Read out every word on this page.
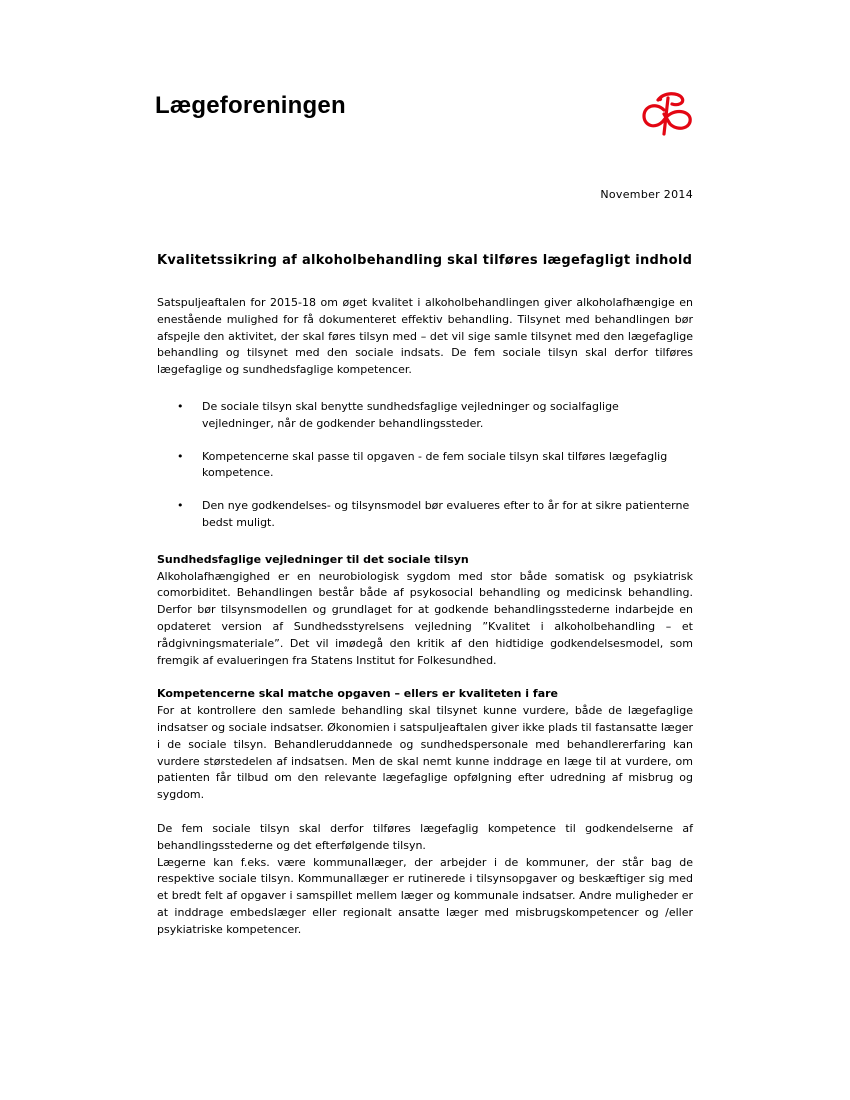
Lægeforeningen
November 2014
Kvalitetssikring af alkoholbehandling skal tilføres lægefagligt indhold

Satspuljeaftalen for 2015-18 om øget kvalitet i alkoholbehandlingen giver alkoholafhængige en enestående mulighed for få dokumenteret effektiv behandling. Tilsynet med behandlingen bør afspejle den aktivitet, der skal føres tilsyn med – det vil sige samle tilsynet med den lægefaglige behandling og tilsynet med den sociale indsats. De fem sociale tilsyn skal derfor tilføres lægefaglige og sundhedsfaglige kompetencer.

• De sociale tilsyn skal benytte sundhedsfaglige vejledninger og socialfaglige vejledninger, når de godkender behandlingssteder.
• Kompetencerne skal passe til opgaven - de fem sociale tilsyn skal tilføres lægefaglig kompetence.
• Den nye godkendelses- og tilsynsmodel bør evalueres efter to år for at sikre patienterne bedst muligt.

Sundhedsfaglige vejledninger til det sociale tilsyn

Alkoholafhængighed er en neurobiologisk sygdom med stor både somatisk og psykiatrisk comorbiditet. Behandlingen består både af psykosocial behandling og medicinsk behandling. Derfor bør tilsynsmodellen og grundlaget for at godkende behandlingsstederne indarbejde en opdateret version af Sundhedsstyrelsens vejledning ”Kvalitet i alkoholbehandling – et rådgivningsmateriale”. Det vil imødegå den kritik af den hidtidige godkendelsesmodel, som fremgik af evalueringen fra Statens Institut for Folkesundhed.

Kompetencerne skal matche opgaven – ellers er kvaliteten i fare

For at kontrollere den samlede behandling skal tilsynet kunne vurdere, både de lægefaglige indsatser og sociale indsatser. Økonomien i satspuljeaftalen giver ikke plads til fastansatte læger i de sociale tilsyn. Behandleruddannede og sundhedspersonale med behandlererfaring kan vurdere størstedelen af indsatsen. Men de skal nemt kunne inddrage en læge til at vurdere, om patienten får tilbud om den relevante lægefaglige opfølgning efter udredning af misbrug og sygdom.

De fem sociale tilsyn skal derfor tilføres lægefaglig kompetence til godkendelserne af behandlingsstederne og det efterfølgende tilsyn.

Lægerne kan f.eks. være kommunallæger, der arbejder i de kommuner, der står bag de respektive sociale tilsyn. Kommunallæger er rutinerede i tilsynsopgaver og beskæftiger sig med et bredt felt af opgaver i samspillet mellem læger og kommunale indsatser. Andre muligheder er at inddrage embedslæger eller regionalt ansatte læger med misbrugskompetencer og /eller psykiatriske kompetencer.
